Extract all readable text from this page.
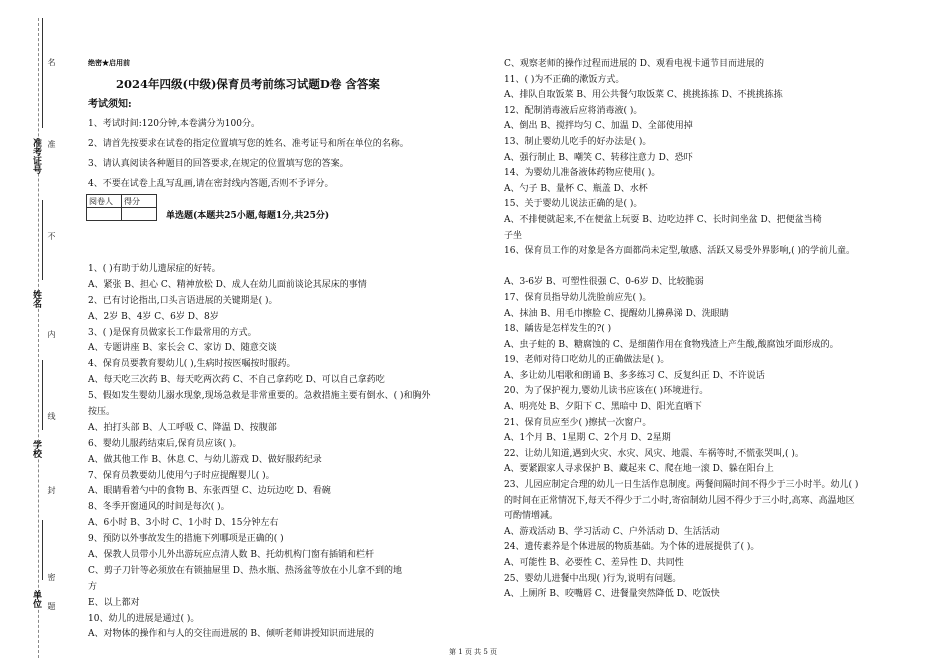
准考证号
姓名
学校
单位
名
准
不
内
线
封
密
题
绝密★启用前
2024年四级(中级)保育员考前练习试题D卷 含答案
考试须知:
1、考试时间:120分钟,本卷满分为100分。
2、请首先按要求在试卷的指定位置填写您的姓名、准考证号和所在单位的名称。
3、请认真阅读各种题目的回答要求,在规定的位置填写您的答案。
4、不要在试卷上乱写乱画,请在密封线内答题,否则不予评分。
阅卷人	得分

单选题(本题共25小题,每题1分,共25分)
1、( )有助于幼儿遗尿症的好转。
A、紧张 B、担心 C、精神放松 D、成人在幼儿面前谈论其尿床的事情
2、已有讨论指出,口头言语进展的关键期是( )。
A、2岁 B、4岁 C、6岁 D、8岁
3、( )是保育员做家长工作最常用的方式。
A、专题讲座 B、家长会 C、家访 D、随意交谈
4、保育员要教育婴幼儿( ),生病时按医嘱按时服药。
A、每天吃三次药 B、每天吃两次药 C、不自己拿药吃 D、可以自己拿药吃
5、假如发生婴幼儿溺水现象,现场急救是非常重要的。急救措施主要有倒水、( )和胸外
按压。
A、拍打头部 B、人工呼吸 C、降温 D、按腹部
6、婴幼儿服药结束后,保育员应该( )。
A、做其他工作 B、休息 C、与幼儿游戏 D、做好服药纪录
7、保育员教要幼儿使用勺子时应提醒婴儿( )。
A、眼睛看着勺中的食物 B、东张西望 C、边玩边吃 D、看碗
8、冬季开窗通风的时间是每次( )。
A、6小时 B、3小时 C、1小时 D、15分钟左右
9、预防以外事故发生的措施下列哪项是正确的( )
A、保教人员带小儿外出游玩应点清人数 B、托幼机构门窗有插销和栏杆
C、剪子刀针等必须放在有锁抽屉里 D、热水瓶、热汤盆等放在小儿拿不到的地
方
E、以上都对
10、幼儿的进展是通过( )。
A、对物体的操作和与人的交往而进展的 B、倾听老师讲授知识而进展的
C、观察老师的操作过程而进展的 D、观看电视卡通节目而进展的
11、( )为不正确的漱饭方式。
A、排队自取饭菜 B、用公共餐勺取饭菜 C、挑挑拣拣 D、不挑挑拣拣
12、配制消毒液后应将消毒液( )。
A、倒出 B、搅拌均匀 C、加温 D、全部使用掉
13、制止婴幼儿吃手的好办法是( )。
A、强行制止 B、嘲笑 C、转移注意力 D、恐吓
14、为婴幼儿准备液体药物应使用( )。
A、勺子 B、量杯 C、瓶盖 D、水杯
15、关于婴幼儿说法正确的是( )。
A、不排便就起来,不在便盆上玩耍 B、边吃边拌 C、长时间坐盆 D、把便盆当椅
子坐
16、保育员工作的对象是各方面都尚未定型,敏感、活跃又易受外界影响,( )的学前儿童。
A、3-6岁 B、可塑性很强 C、0-6岁 D、比较脆弱
17、保育员指导幼儿洗脸前应先( )。
A、抹油 B、用毛巾擦脸 C、提醒幼儿擤鼻涕 D、洗眼睛
18、龋齿是怎样发生的?( )
A、虫子蛀的 B、糖腐蚀的 C、是细菌作用在食物残渣上产生酸,酸腐蚀牙面形成的。
19、老师对待口吃幼儿的正确做法是( )。
A、多让幼儿唱歌和朗诵 B、多多练习 C、反复纠正 D、不许说话
20、为了保护视力,婴幼儿读书应该在( )环境进行。
A、明亮处 B、夕阳下 C、黑暗中 D、阳光直晒下
21、保育员应至少( )擦拭一次窗户。
A、1个月 B、1星期 C、2个月 D、2星期
22、让幼儿知道,遇到火灾、水灾、风灾、地震、车祸等时,不慌张哭叫,( )。
A、要紧跟家人寻求保护 B、藏起来 C、爬在地一滚 D、躲在阳台上
23、儿园应制定合理的幼儿一日生活作息制度。两餐间隔时间不得少于三小时半。幼儿( )
的时间在正常情况下,每天不得少于二小时,寄宿制幼儿园不得少于三小时,高寒、高温地区
可酌情增减。
A、游戏活动 B、学习活动 C、户外活动 D、生活活动
24、遗传素养是个体进展的物质基础。为个体的进展提供了( )。
A、可能性 B、必要性 C、差异性 D、共同性
25、婴幼儿进餐中出现( )行为,说明有问题。
A、上厕所 B、咬嘴唇 C、进餐量突然降低 D、吃饭快
第 1 页 共 5 页
